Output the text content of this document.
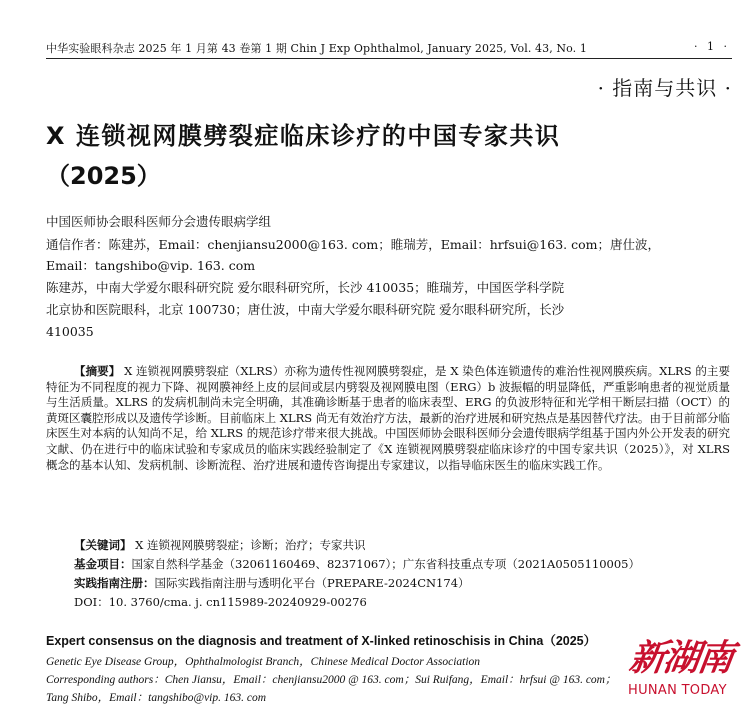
中华实验眼科杂志 2025 年 1 月第 43 卷第 1 期 Chin J Exp Ophthalmol, January 2025, Vol. 43, No. 1	· 1 ·
· 指南与共识 ·
X 连锁视网膜劈裂症临床诊疗的中国专家共识
（2025）
中国医师协会眼科医师分会遗传眼病学组
通信作者：陈建苏，Email：chenjiansu2000@163. com；睢瑞芳，Email：hrfsui@163. com；唐仕波，
Email：tangshibo@vip. 163. com
陈建苏，中南大学爱尔眼科研究院 爱尔眼科研究所，长沙 410035；睢瑞芳，中国医学科学院
北京协和医院眼科，北京 100730；唐仕波，中南大学爱尔眼科研究院 爱尔眼科研究所，长沙
410035

【摘要】 X 连锁视网膜劈裂症（XLRS）亦称为遗传性视网膜劈裂症，是 X 染色体连锁遗传的难治性视网膜疾病。XLRS 的主要特征为不同程度的视力下降、视网膜神经上皮的层间或层内劈裂及视网膜电图（ERG）b 波振幅的明显降低，严重影响患者的视觉质量与生活质量。XLRS 的发病机制尚未完全明确，其准确诊断基于患者的临床表型、ERG 的负波形特征和光学相干断层扫描（OCT）的黄斑区囊腔形成以及遗传学诊断。目前临床上 XLRS 尚无有效治疗方法，最新的治疗进展和研究热点是基因替代疗法。由于目前部分临床医生对本病的认知尚不足，给 XLRS 的规范诊疗带来很大挑战。中国医师协会眼科医师分会遗传眼病学组基于国内外公开发表的研究文献、仍在进行中的临床试验和专家成员的临床实践经验制定了《X 连锁视网膜劈裂症临床诊疗的中国专家共识（2025）》，对 XLRS 概念的基本认知、发病机制、诊断流程、治疗进展和遗传咨询提出专家建议，以指导临床医生的临床实践工作。

【关键词】 X 连锁视网膜劈裂症；诊断；治疗；专家共识
基金项目：国家自然科学基金（32061160469、82371067）；广东省科技重点专项（2021A0505110005）
实践指南注册：国际实践指南注册与透明化平台（PREPARE-2024CN174）
DOI：10. 3760/cma. j. cn115989-20240929-00276
Expert consensus on the diagnosis and treatment of X-linked retinoschisis in China（2025）
Genetic Eye Disease Group，Ophthalmologist Branch，Chinese Medical Doctor Association
Corresponding authors：Chen Jiansu，Email：chenjiansu2000 @ 163. com；Sui Ruifang，Email：hrfsui @ 163. com；
Tang Shibo，Email：tangshibo@vip. 163. com
新湖南
HUNAN TODAY
